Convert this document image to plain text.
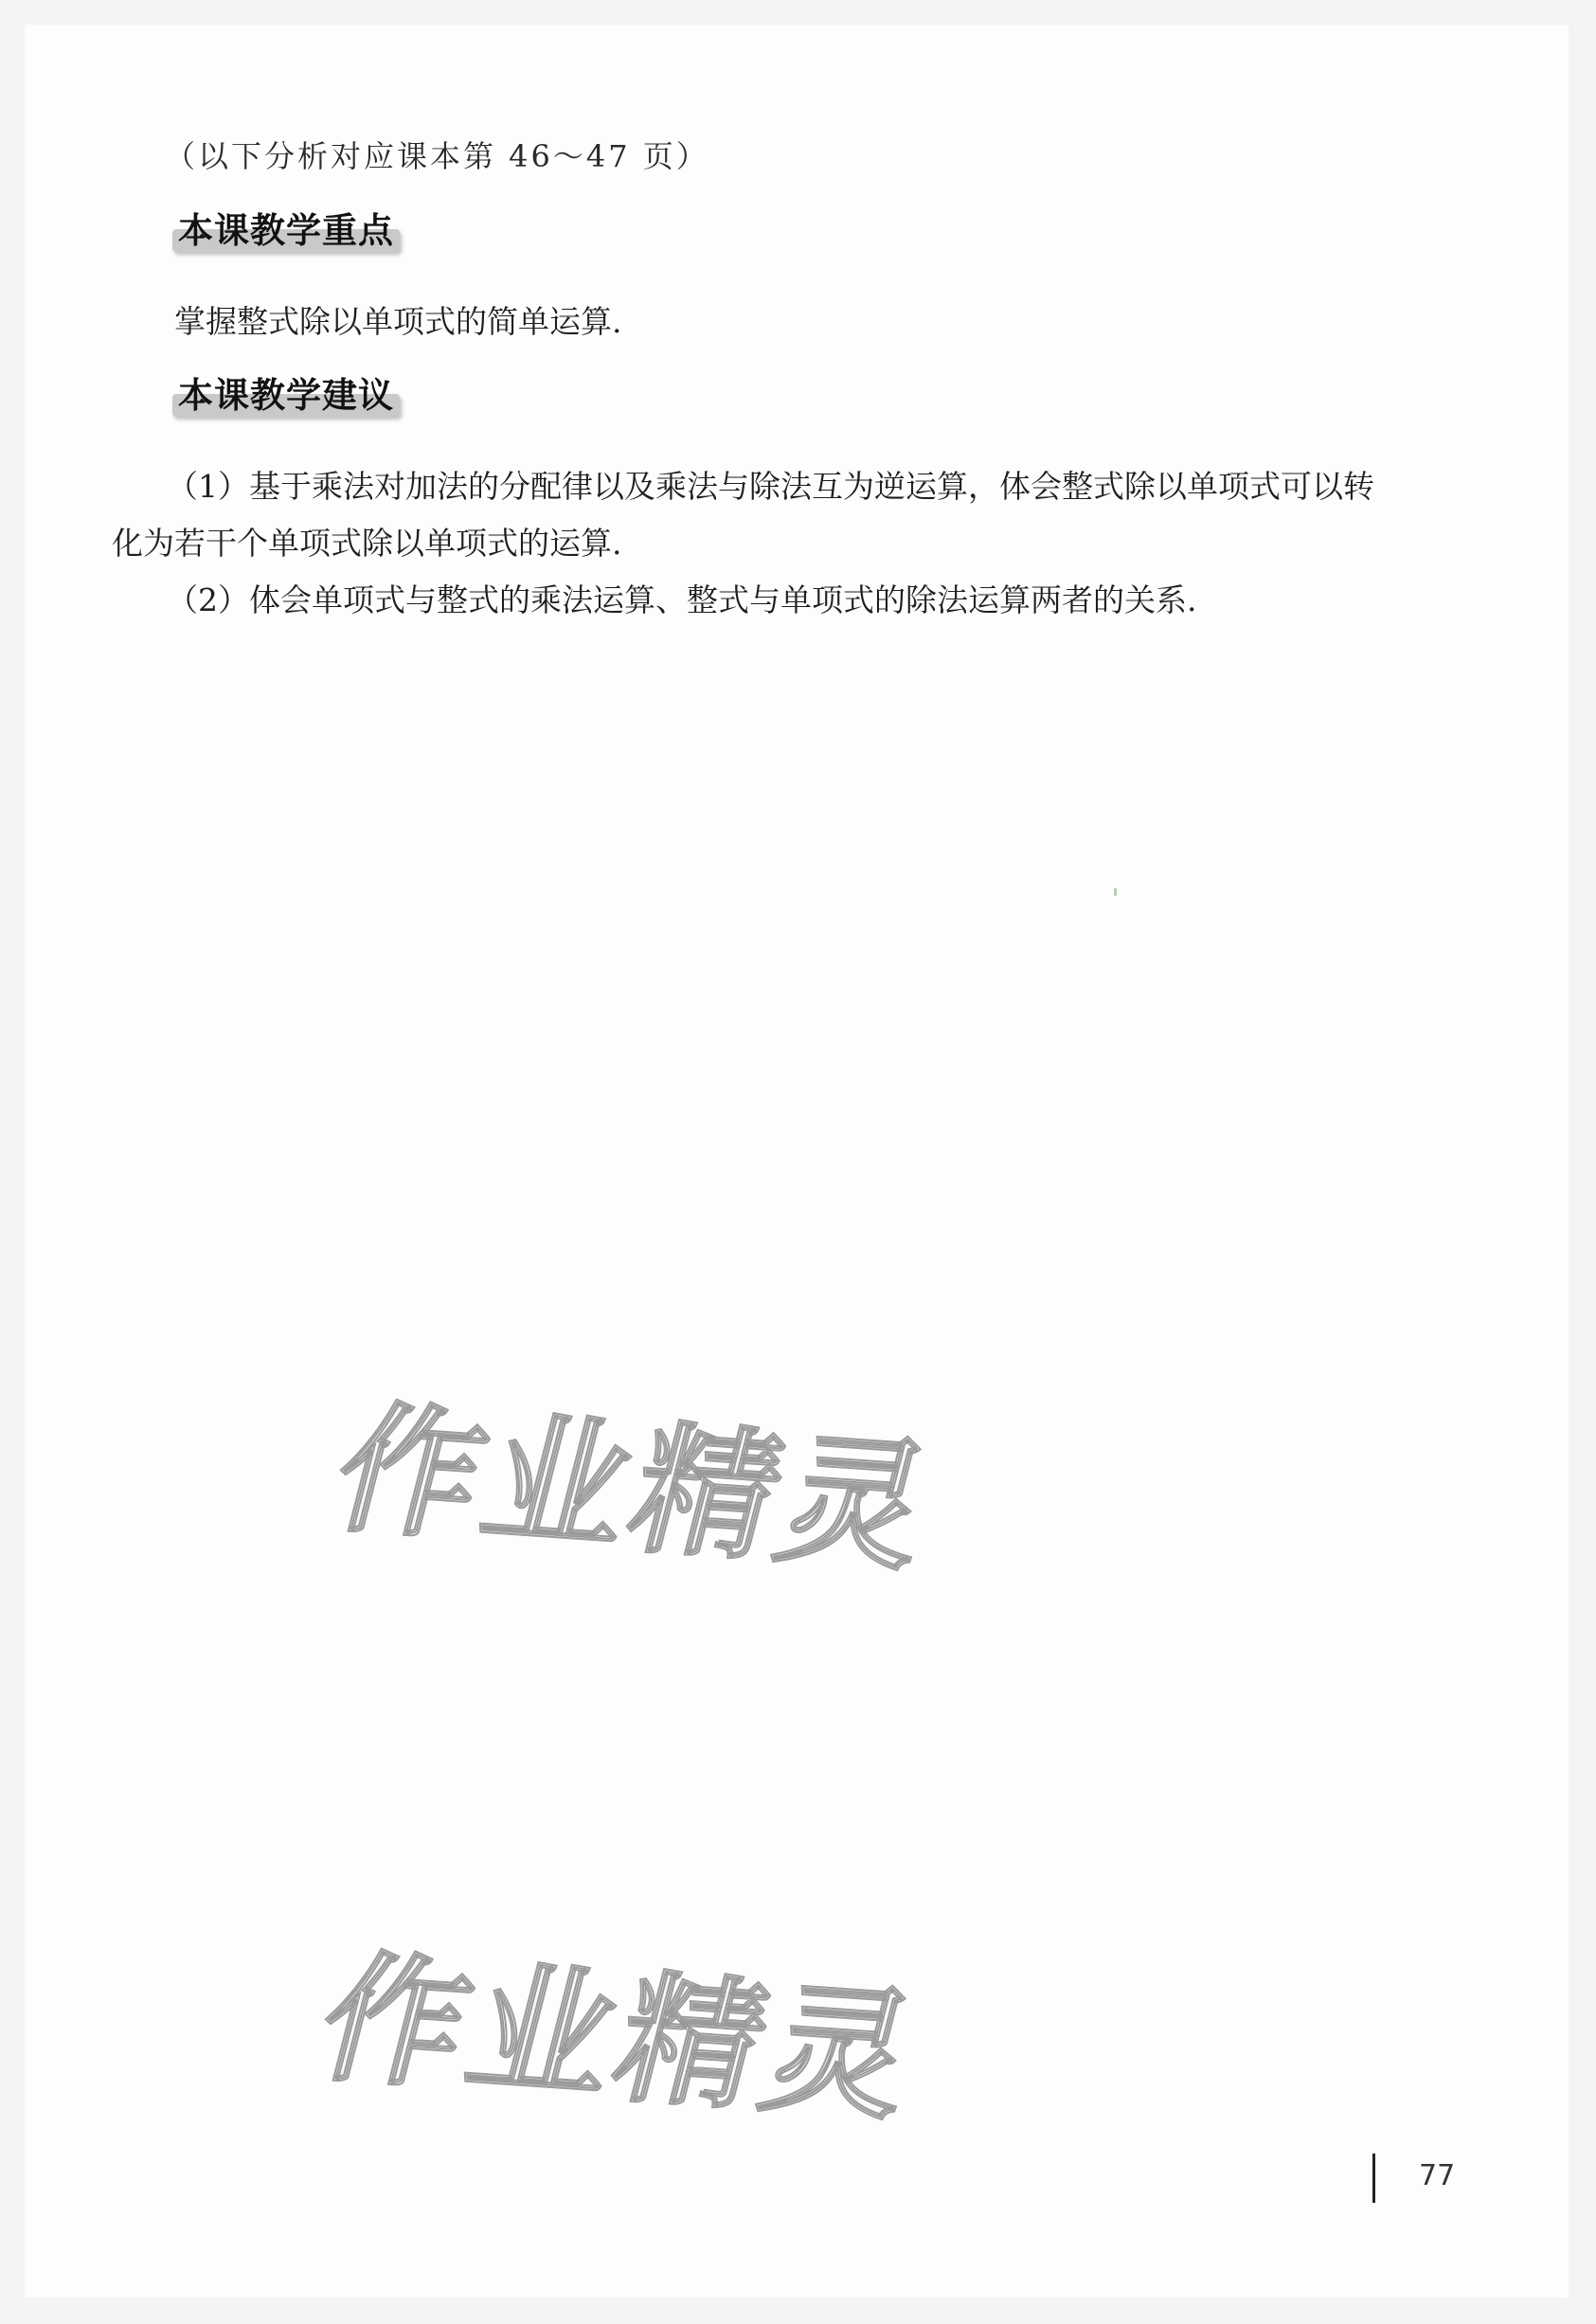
（以下分析对应课本第 46～47 页）
本课教学重点
掌握整式除以单项式的简单运算.
本课教学建议
（1）基于乘法对加法的分配律以及乘法与除法互为逆运算，体会整式除以单项式可以转
化为若干个单项式除以单项式的运算.
（2）体会单项式与整式的乘法运算、整式与单项式的除法运算两者的关系.
作业精灵
作业精灵
77
